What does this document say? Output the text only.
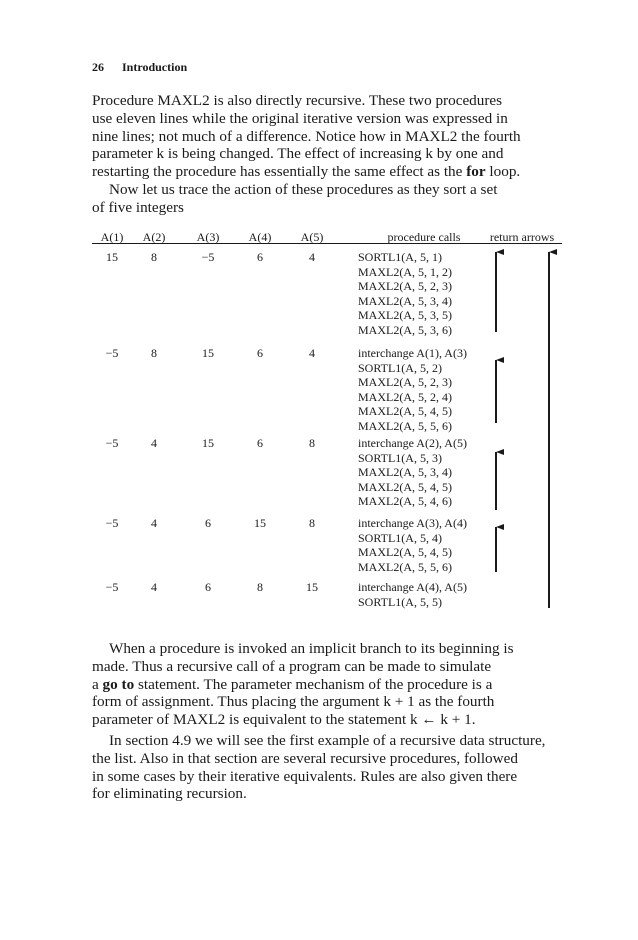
26 Introduction

Procedure MAXL2 is also directly recursive. These two procedures

use eleven lines while the original iterative version was expressed in

nine lines; not much of a difference. Notice how in MAXL2 the fourth

parameter k is being changed. The effect of increasing k by one and

restarting the procedure has essentially the same effect as the for loop.

Now let us trace the action of these procedures as they sort a set

of five integers

A(1)	A(2)	A(3)	A(4)	A(5)	procedure calls	return arrows
15	8	−5	6	4	SORTL1(A, 5, 1)
MAXL2(A, 5, 1, 2)
MAXL2(A, 5, 2, 3)
MAXL2(A, 5, 3, 4)
MAXL2(A, 5, 3, 5)
MAXL2(A, 5, 3, 6)
−5	8	15	6	4	interchange A(1), A(3)
SORTL1(A, 5, 2)
MAXL2(A, 5, 2, 3)
MAXL2(A, 5, 2, 4)
MAXL2(A, 5, 4, 5)
MAXL2(A, 5, 5, 6)
−5	4	15	6	8	interchange A(2), A(5)
SORTL1(A, 5, 3)
MAXL2(A, 5, 3, 4)
MAXL2(A, 5, 4, 5)
MAXL2(A, 5, 4, 6)
−5	4	6	15	8	interchange A(3), A(4)
SORTL1(A, 5, 4)
MAXL2(A, 5, 4, 5)
MAXL2(A, 5, 5, 6)
−5	4	6	8	15	interchange A(4), A(5)
SORTL1(A, 5, 5)

When a procedure is invoked an implicit branch to its beginning is

made. Thus a recursive call of a program can be made to simulate

a go to statement. The parameter mechanism of the procedure is a

form of assignment. Thus placing the argument k + 1 as the fourth

parameter of MAXL2 is equivalent to the statement k ← k + 1.

In section 4.9 we will see the first example of a recursive data structure,

the list. Also in that section are several recursive procedures, followed

in some cases by their iterative equivalents. Rules are also given there

for eliminating recursion.
